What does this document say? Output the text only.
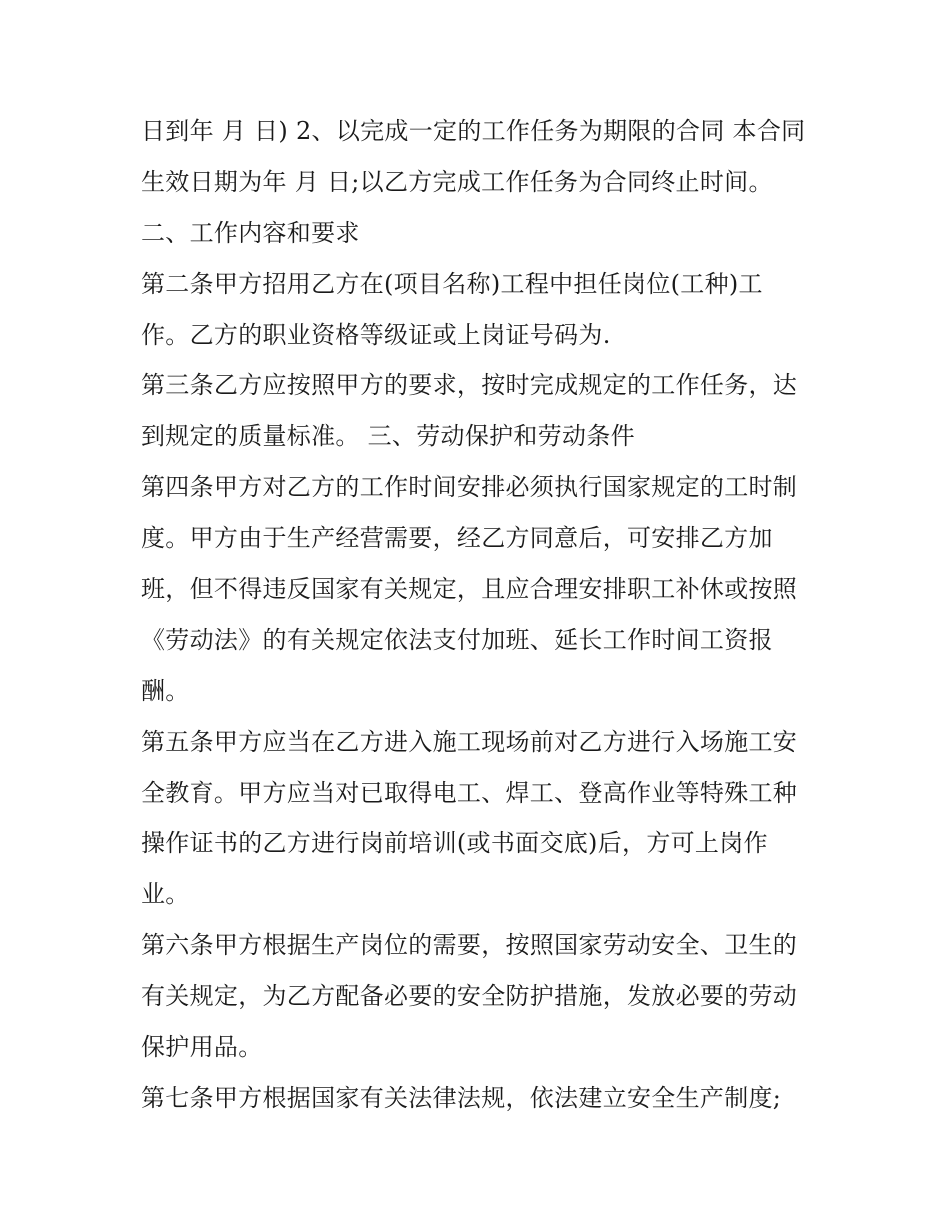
日到年 月 日) 2、以完成一定的工作任务为期限的合同 本合同
生效日期为年 月 日;以乙方完成工作任务为合同终止时间。
二、工作内容和要求
第二条甲方招用乙方在(项目名称)工程中担任岗位(工种)工
作。乙方的职业资格等级证或上岗证号码为.
第三条乙方应按照甲方的要求，按时完成规定的工作任务，达
到规定的质量标准。 三、劳动保护和劳动条件
第四条甲方对乙方的工作时间安排必须执行国家规定的工时制
度。甲方由于生产经营需要，经乙方同意后，可安排乙方加
班，但不得违反国家有关规定，且应合理安排职工补休或按照
《劳动法》的有关规定依法支付加班、延长工作时间工资报
酬。
第五条甲方应当在乙方进入施工现场前对乙方进行入场施工安
全教育。甲方应当对已取得电工、焊工、登高作业等特殊工种
操作证书的乙方进行岗前培训(或书面交底)后，方可上岗作
业。
第六条甲方根据生产岗位的需要，按照国家劳动安全、卫生的
有关规定，为乙方配备必要的安全防护措施，发放必要的劳动
保护用品。
第七条甲方根据国家有关法律法规，依法建立安全生产制度;
